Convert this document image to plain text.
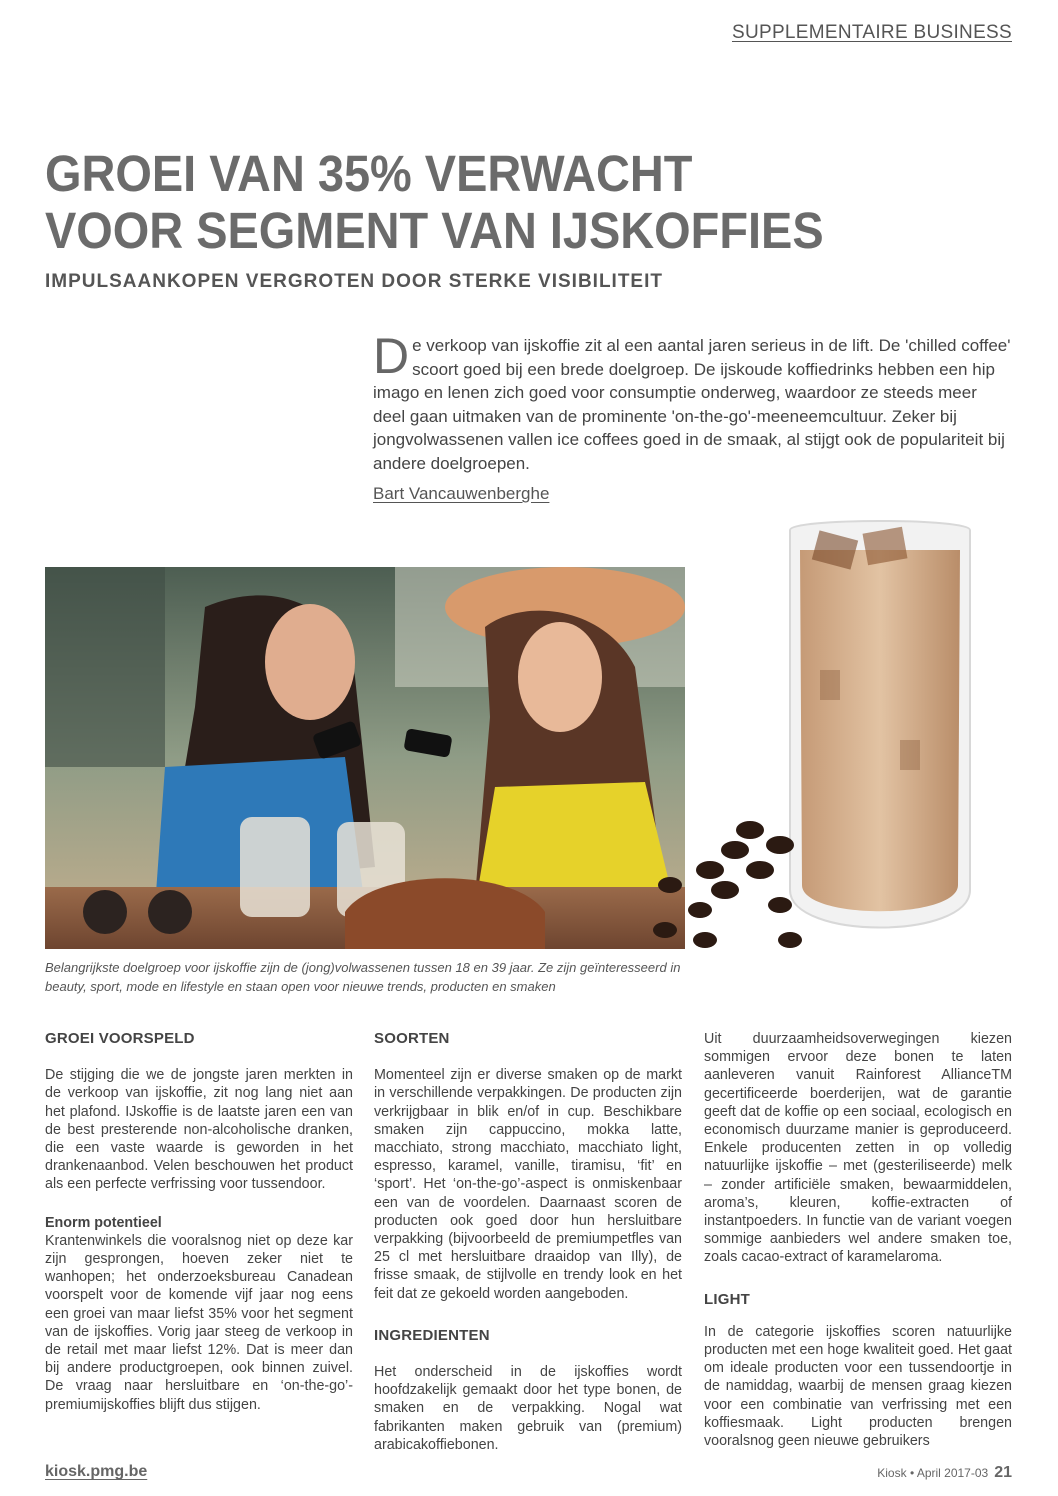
SUPPLEMENTAIRE BUSINESS
GROEI VAN 35% VERWACHT
VOOR SEGMENT VAN IJSKOFFIES
IMPULSAANKOPEN VERGROTEN DOOR STERKE VISIBILITEIT

De verkoop van ijskoffie zit al een aantal jaren serieus in de lift. De 'chilled coffee' scoort goed bij een brede doelgroep. De ijskoude koffiedrinks hebben een hip imago en lenen zich goed voor consumptie onderweg, waardoor ze steeds meer deel gaan uitmaken van de prominente 'on-the-go'-meeneemcultuur. Zeker bij jongvolwassenen vallen ice coffees goed in de smaak, al stijgt ook de populariteit bij andere doelgroepen.

Bart Vancauwenberghe

Belangrijkste doelgroep voor ijskoffie zijn de (jong)volwassenen tussen 18 en 39 jaar. Ze zijn geïnteresseerd in beauty, sport, mode en lifestyle en staan open voor nieuwe trends, producten en smaken

GROEI VOORSPELD

De stijging die we de jongste jaren merkten in de verkoop van ijskoffie, zit nog lang niet aan het plafond. IJskoffie is de laatste jaren een van de best presterende non-alcoholische dranken, die een vaste waarde is geworden in het drankenaanbod. Velen beschouwen het product als een perfecte verfrissing voor tussendoor.

Enorm potentieel

Krantenwinkels die vooralsnog niet op deze kar zijn gesprongen, hoeven zeker niet te wanhopen; het onderzoeksbureau Canadean voorspelt voor de komende vijf jaar nog eens een groei van maar liefst 35% voor het segment van de ijskoffies. Vorig jaar steeg de verkoop in de retail met maar liefst 12%. Dat is meer dan bij andere productgroepen, ook binnen zuivel. De vraag naar hersluitbare en ‘on-the-go’-premiumijskoffies blijft dus stijgen.

SOORTEN

Momenteel zijn er diverse smaken op de markt in verschillende verpakkingen. De producten zijn verkrijgbaar in blik en/of in cup. Beschikbare smaken zijn cappuccino, mokka latte, macchiato, strong macchiato, macchiato light, espresso, karamel, vanille, tiramisu, ‘fit’ en ‘sport’. Het ‘on-the-go’-aspect is onmiskenbaar een van de voordelen. Daarnaast scoren de producten ook goed door hun hersluitbare verpakking (bijvoorbeeld de premiumpetfles van 25 cl met hersluitbare draaidop van Illy), de frisse smaak, de stijlvolle en trendy look en het feit dat ze gekoeld worden aangeboden.

INGREDIENTEN

Het onderscheid in de ijskoffies wordt hoofdzakelijk gemaakt door het type bonen, de smaken en de verpakking. Nogal wat fabrikanten maken gebruik van (premium) arabicakoffiebonen.

Uit duurzaamheidsoverwegingen kiezen sommigen ervoor deze bonen te laten aanleveren vanuit Rainforest AllianceTM gecertificeerde boerderijen, wat de garantie geeft dat de koffie op een sociaal, ecologisch en economisch duurzame manier is geproduceerd. Enkele producenten zetten in op volledig natuurlijke ijskoffie – met (gesteriliseerde) melk – zonder artificiële smaken, bewaarmiddelen, aroma’s, kleuren, koffie-extracten of instantpoeders. In functie van de variant voegen sommige aanbieders wel andere smaken toe, zoals cacao-extract of karamelaroma.

LIGHT

In de categorie ijskoffies scoren natuurlijke producten met een hoge kwaliteit goed. Het gaat om ideale producten voor een tussendoortje in de namiddag, waarbij de mensen graag kiezen voor een combinatie van verfrissing met een koffiesmaak. Light producten brengen vooralsnog geen nieuwe gebruikers

kiosk.pmg.be	Kiosk • April 2017-03 21
